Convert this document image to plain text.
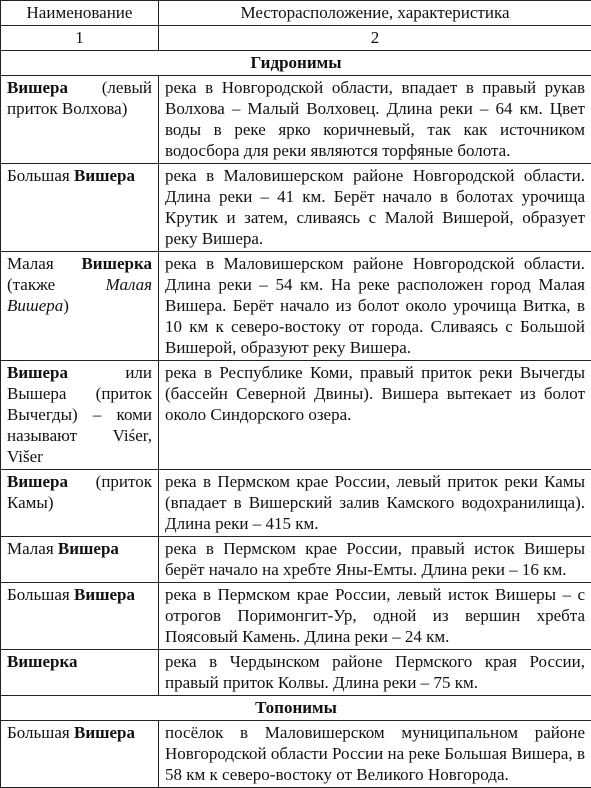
Наименование	Месторасположение, характеристика
1	2
Гидронимы	
Вишера (левый приток Волхова)	река в Новгородской области, впадает в правый рукав Волхова – Малый Волховец. Длина реки – 64 км. Цвет воды в реке ярко коричневый, так как источником водосбора для реки являются торфяные болота.
Большая Вишера	река в Маловишерском районе Новгородской области. Длина реки – 41 км. Берёт начало в болотах урочища Крутик и затем, сливаясь с Малой Вишерой, образует реку Вишера.
Малая Вишерка (также Малая Вишера)	река в Маловишерском районе Новгородской области. Длина реки – 54 км. На реке расположен город Малая Вишера. Берёт начало из болот около урочища Витка, в 10 км к северо-востоку от города. Сливаясь с Большой Вишерой, образуют реку Вишера.
Вишера или Вышера (приток Вычегды) – коми называют Viśer, Višer	река в Республике Коми, правый приток реки Вычегды (бассейн Северной Двины). Вишера вытекает из болот около Синдорского озера.
Вишера (приток Камы)	река в Пермском крае России, левый приток реки Камы (впадает в Вишерский залив Камского водохранилища). Длина реки – 415 км.
Малая Вишера	река в Пермском крае России, правый исток Вишеры берёт начало на хребте Яны-Емты. Длина реки – 16 км.
Большая Вишера	река в Пермском крае России, левый исток Вишеры – с отрогов Поримонгит-Ур, одной из вершин хребта Поясовый Камень. Длина реки – 24 км.
Вишерка	река в Чердынском районе Пермского края России, правый приток Колвы. Длина реки – 75 км.
Топонимы	
Большая Вишера	посёлок в Маловишерском муниципальном районе Новгородской области России на реке Большая Вишера, в 58 км к северо-востоку от Великого Новгорода.
